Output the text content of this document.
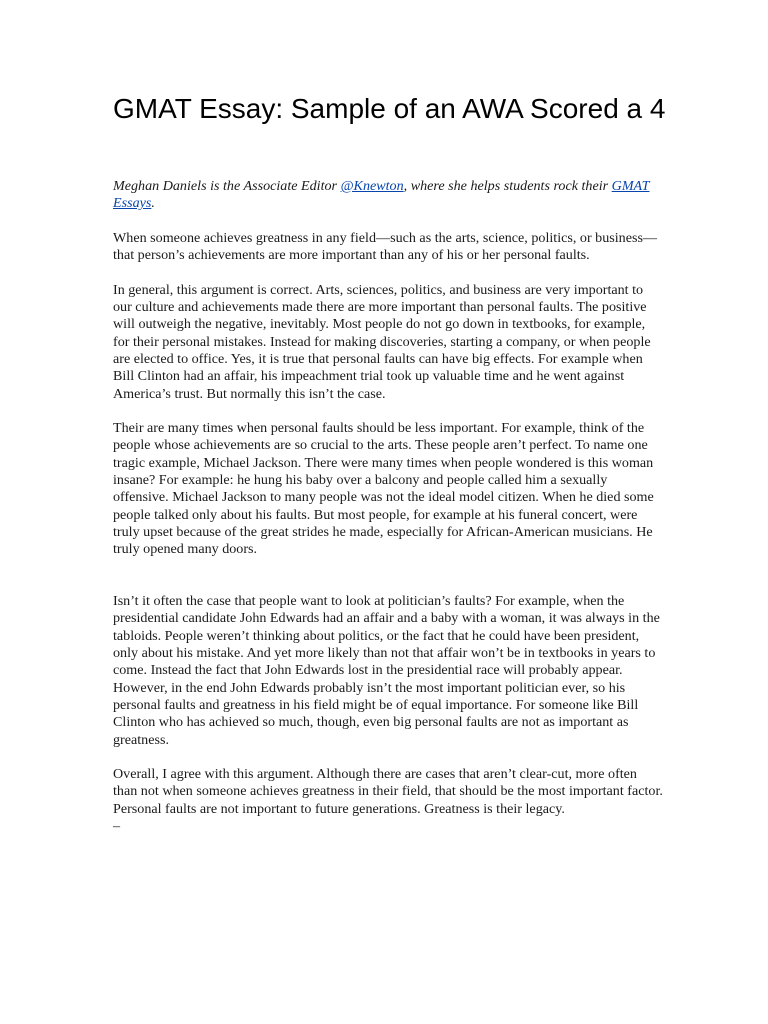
GMAT Essay: Sample of an AWA Scored a 4

Meghan Daniels is the Associate Editor @Knewton, where she helps students rock their GMAT Essays.

When someone achieves greatness in any field—such as the arts, science, politics, or business—that person’s achievements are more important than any of his or her personal faults.

In general, this argument is correct. Arts, sciences, politics, and business are very important to our culture and achievements made there are more important than personal faults. The positive will outweigh the negative, inevitably. Most people do not go down in textbooks, for example, for their personal mistakes. Instead for making discoveries, starting a company, or when people are elected to office. Yes, it is true that personal faults can have big effects. For example when Bill Clinton had an affair, his impeachment trial took up valuable time and he went against America’s trust. But normally this isn’t the case.

Their are many times when personal faults should be less important. For example, think of the people whose achievements are so crucial to the arts. These people aren’t perfect. To name one tragic example, Michael Jackson. There were many times when people wondered is this woman insane? For example: he hung his baby over a balcony and people called him a sexually offensive. Michael Jackson to many people was not the ideal model citizen. When he died some people talked only about his faults. But most people, for example at his funeral concert, were truly upset because of the great strides he made, especially for African-American musicians. He truly opened many doors.

Isn’t it often the case that people want to look at politician’s faults? For example, when the presidential candidate John Edwards had an affair and a baby with a woman, it was always in the tabloids. People weren’t thinking about politics, or the fact that he could have been president, only about his mistake. And yet more likely than not that affair won’t be in textbooks in years to come. Instead the fact that John Edwards lost in the presidential race will probably appear. However, in the end John Edwards probably isn’t the most important politician ever, so his personal faults and greatness in his field might be of equal importance. For someone like Bill Clinton who has achieved so much, though, even big personal faults are not as important as greatness.

Overall, I agree with this argument. Although there are cases that aren’t clear-cut, more often than not when someone achieves greatness in their field, that should be the most important factor. Personal faults are not important to future generations. Greatness is their legacy.

–
